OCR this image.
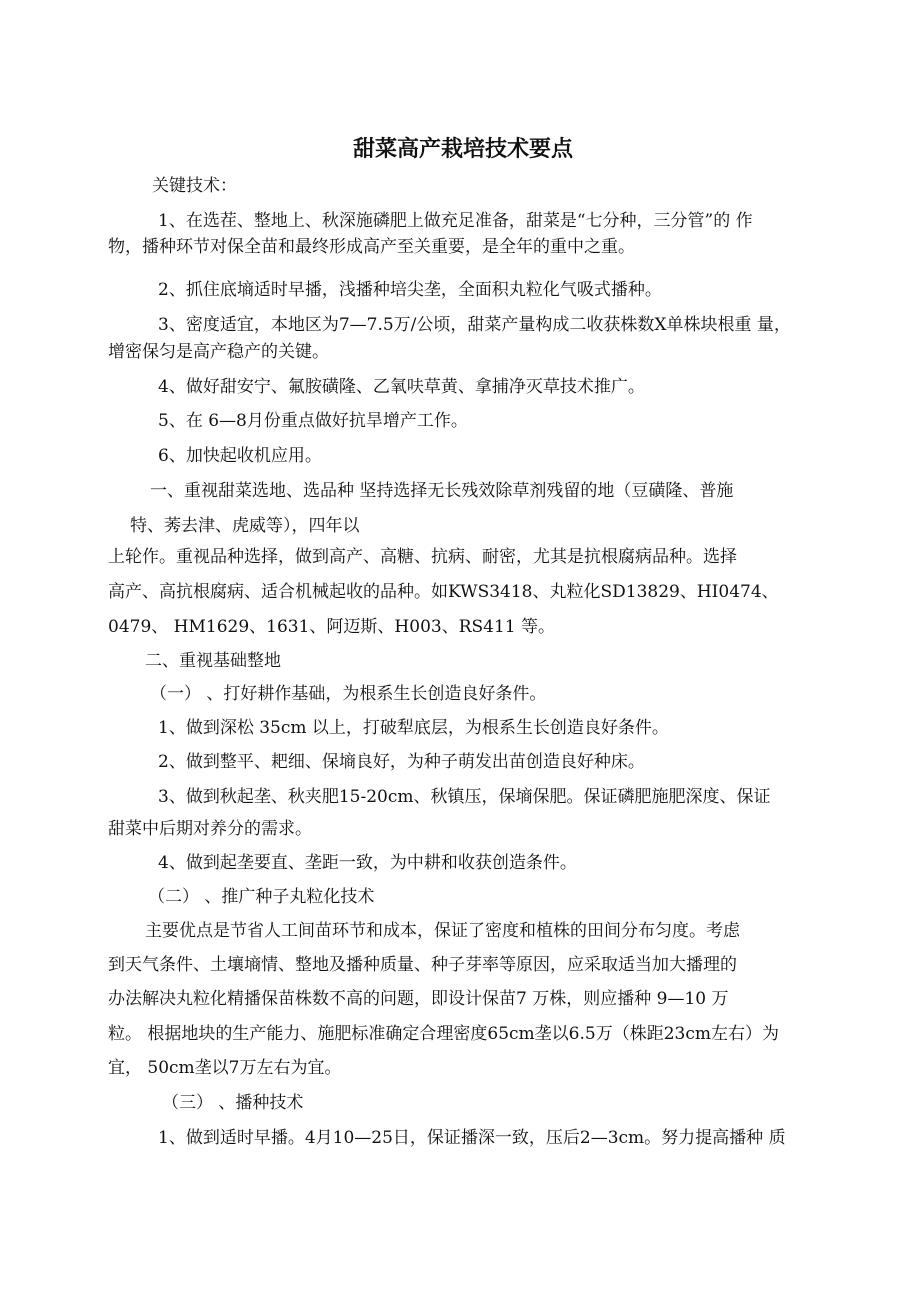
甜菜高产栽培技术要点
关键技术：
1、在选茬、整地上、秋深施磷肥上做充足准备，甜菜是“七分种，三分管”的 作
物，播种环节对保全苗和最终形成高产至关重要，是全年的重中之重。
2、抓住底墒适时早播，浅播种培尖垄，全面积丸粒化气吸式播种。
3、密度适宜，本地区为7—7.5万/公顷，甜菜产量构成二收获株数X单株块根重 量，
增密保匀是高产稳产的关键。
4、做好甜安宁、氟胺磺隆、乙氧呋草黄、拿捕净灭草技术推广。
5、在 6—8月份重点做好抗旱增产工作。
6、加快起收机应用。
一、重视甜菜选地、选品种 坚持选择无长残效除草剂残留的地（豆磺隆、普施
特、莠去津、虎威等），四年以
上轮作。重视品种选择，做到高产、高糖、抗病、耐密，尤其是抗根腐病品种。选择
高产、高抗根腐病、适合机械起收的品种。如KWS3418、丸粒化SD13829、HI0474、
0479、 HM1629、1631、阿迈斯、H003、RS411 等。
二、重视基础整地
（一） 、打好耕作基础，为根系生长创造良好条件。
1、做到深松 35cm 以上，打破犁底层，为根系生长创造良好条件。
2、做到整平、耙细、保墒良好，为种子萌发出苗创造良好种床。
3、做到秋起垄、秋夹肥15-20cm、秋镇压，保墒保肥。保证磷肥施肥深度、保证
甜菜中后期对养分的需求。
4、做到起垄要直、垄距一致，为中耕和收获创造条件。
（二） 、推广种子丸粒化技术
主要优点是节省人工间苗环节和成本，保证了密度和植株的田间分布匀度。考虑
到天气条件、土壤墒情、整地及播种质量、种子芽率等原因，应采取适当加大播理的
办法解决丸粒化精播保苗株数不高的问题，即设计保苗7 万株，则应播种 9—10 万
粒。 根据地块的生产能力、施肥标准确定合理密度65cm垄以6.5万（株距23cm左右）为
宜， 50cm垄以7万左右为宜。
（三） 、播种技术
1、做到适时早播。4月10—25日，保证播深一致，压后2—3cm。努力提高播种 质
